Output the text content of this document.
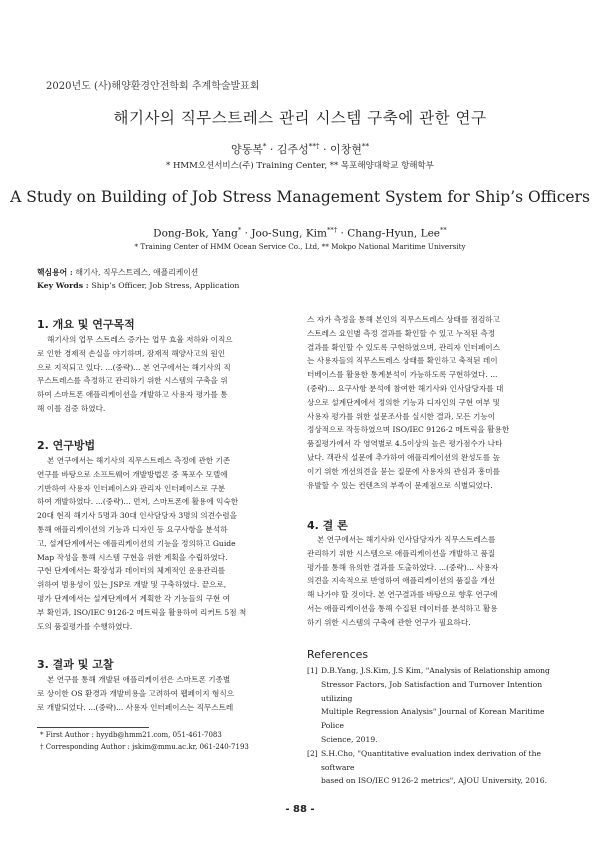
2020년도 (사)해양환경안전학회 추계학술발표회
해기사의 직무스트레스 관리 시스템 구축에 관한 연구
양동복* · 김주성**† · 이창현**
* HMM오션서비스(주) Training Center, ** 목포해양대학교 항해학부
A Study on Building of Job Stress Management System for Ship’s Officers
Dong-Bok, Yang* · Joo-Sung, Kim**† · Chang-Hyun, Lee**
* Training Center of HMM Ocean Service Co., Ltd, ** Mokpo National Maritime University
핵심용어 : 해기사, 직무스트레스, 애플리케이션
Key Words : Ship’s Officer, Job Stress, Application
1. 개요 및 연구목적
해기사의 업무 스트레스 증가는 업무 효율 저하와 이직으
로 인한 경제적 손실을 야기하며, 잠재적 해양사고의 원인
으로 지적되고 있다. ...(중략)... 본 연구에서는 해기사의 직
무스트레스를 측정하고 관리하기 위한 시스템의 구축을 위
하여 스마트폰 애플리케이션을 개발하고 사용자 평가를 통
해 이를 검증 하였다.
2. 연구방법
본 연구에서는 해기사의 직무스트레스 측정에 관한 기존
연구를 바탕으로 소프트웨어 개발방법론 중 폭포수 모델에
기반하여 사용자 인터페이스와 관리자 인터페이스로 구분
하여 개발하였다. ...(중략)... 먼저, 스마트폰에 활용에 익숙한
20대 현직 해기사 5명과 30대 인사담당자 3명의 의견수렴을
통해 애플리케이션의 기능과 디자인 등 요구사항을 분석하
고, 설계단계에서는 애플리케이션의 기능을 정의하고 Guide
Map 작성을 통해 시스템 구현을 위한 계획을 수립하였다.
구현 단계에서는 확장성과 데이터의 체계적인 운용관리를
위하여 범용성이 있는 JSP로 개발 및 구축하였다. 끝으로,
평가 단계에서는 설계단계에서 계획한 각 기능들의 구현 여
부 확인과, ISO/IEC 9126-2 메트릭을 활용하여 리커트 5점 척
도의 품질평가를 수행하였다.
3. 결과 및 고찰
본 연구를 통해 개발된 애플리케이션은 스마트폰 기종별
로 상이한 OS 환경과 개발비용을 고려하여 웹페이지 형식으
로 개발되었다. ...(중략)... 사용자 인터페이스는 직무스트레
* First Author : hyydb@hmm21.com, 051-461-7083
† Corresponding Author : jskim@mmu.ac.kr, 061-240-7193
스 자가 측정을 통해 본인의 직무스트레스 상태를 점검하고
스트레스 요인별 측정 결과를 확인할 수 있고 누적된 측정
결과를 확인할 수 있도록 구현하였으며, 관리자 인터페이스
는 사용자들의 직무스트레스 상태를 확인하고 축적된 데이
터베이스를 활용한 통계분석이 가능하도록 구현하였다. ...
(중략)... 요구사항 분석에 참여한 해기사와 인사담당자를 대
상으로 설계단계에서 정의한 기능과 디자인의 구현 여부 및
사용자 평가를 위한 설문조사를 실시한 결과, 모든 기능이
정상적으로 작동하였으며 ISO/IEC 9126-2 메트릭을 활용한
품질평가에서 각 영역별로 4.5이상의 높은 평가점수가 나타
났다. 객관식 설문에 추가하여 애플리케이션의 완성도를 높
이기 위한 개선의견을 묻는 질문에 사용자의 관심과 흥미를
유발할 수 있는 컨텐츠의 부족이 문제점으로 식별되었다.
4. 결 론
본 연구에서는 해기사와 인사담당자가 직무스트레스를
관리하기 위한 시스템으로 애플리케이션을 개발하고 품질
평가를 통해 유의한 결과를 도출하였다. ...(중략)... 사용자
의견을 지속적으로 반영하여 애플리케이션의 품질을 개선
해 나가야 할 것이다. 본 연구결과를 바탕으로 향후 연구에
서는 애플리케이션을 통해 수집된 데이터를 분석하고 활용
하기 위한 시스템의 구축에 관한 연구가 필요하다.
References
[1] D.B.Yang, J.S.Kim, J.S Kim, "Analysis of Relationship among
Stressor Factors, Job Satisfaction and Turnover Intention utilizing
Multiple Regression Analysis" Journal of Korean Maritime Police
Science, 2019.
[2] S.H.Cho, "Quantitative evaluation index derivation of the software
based on ISO/IEC 9126-2 metrics", AJOU University, 2016.
- 88 -
